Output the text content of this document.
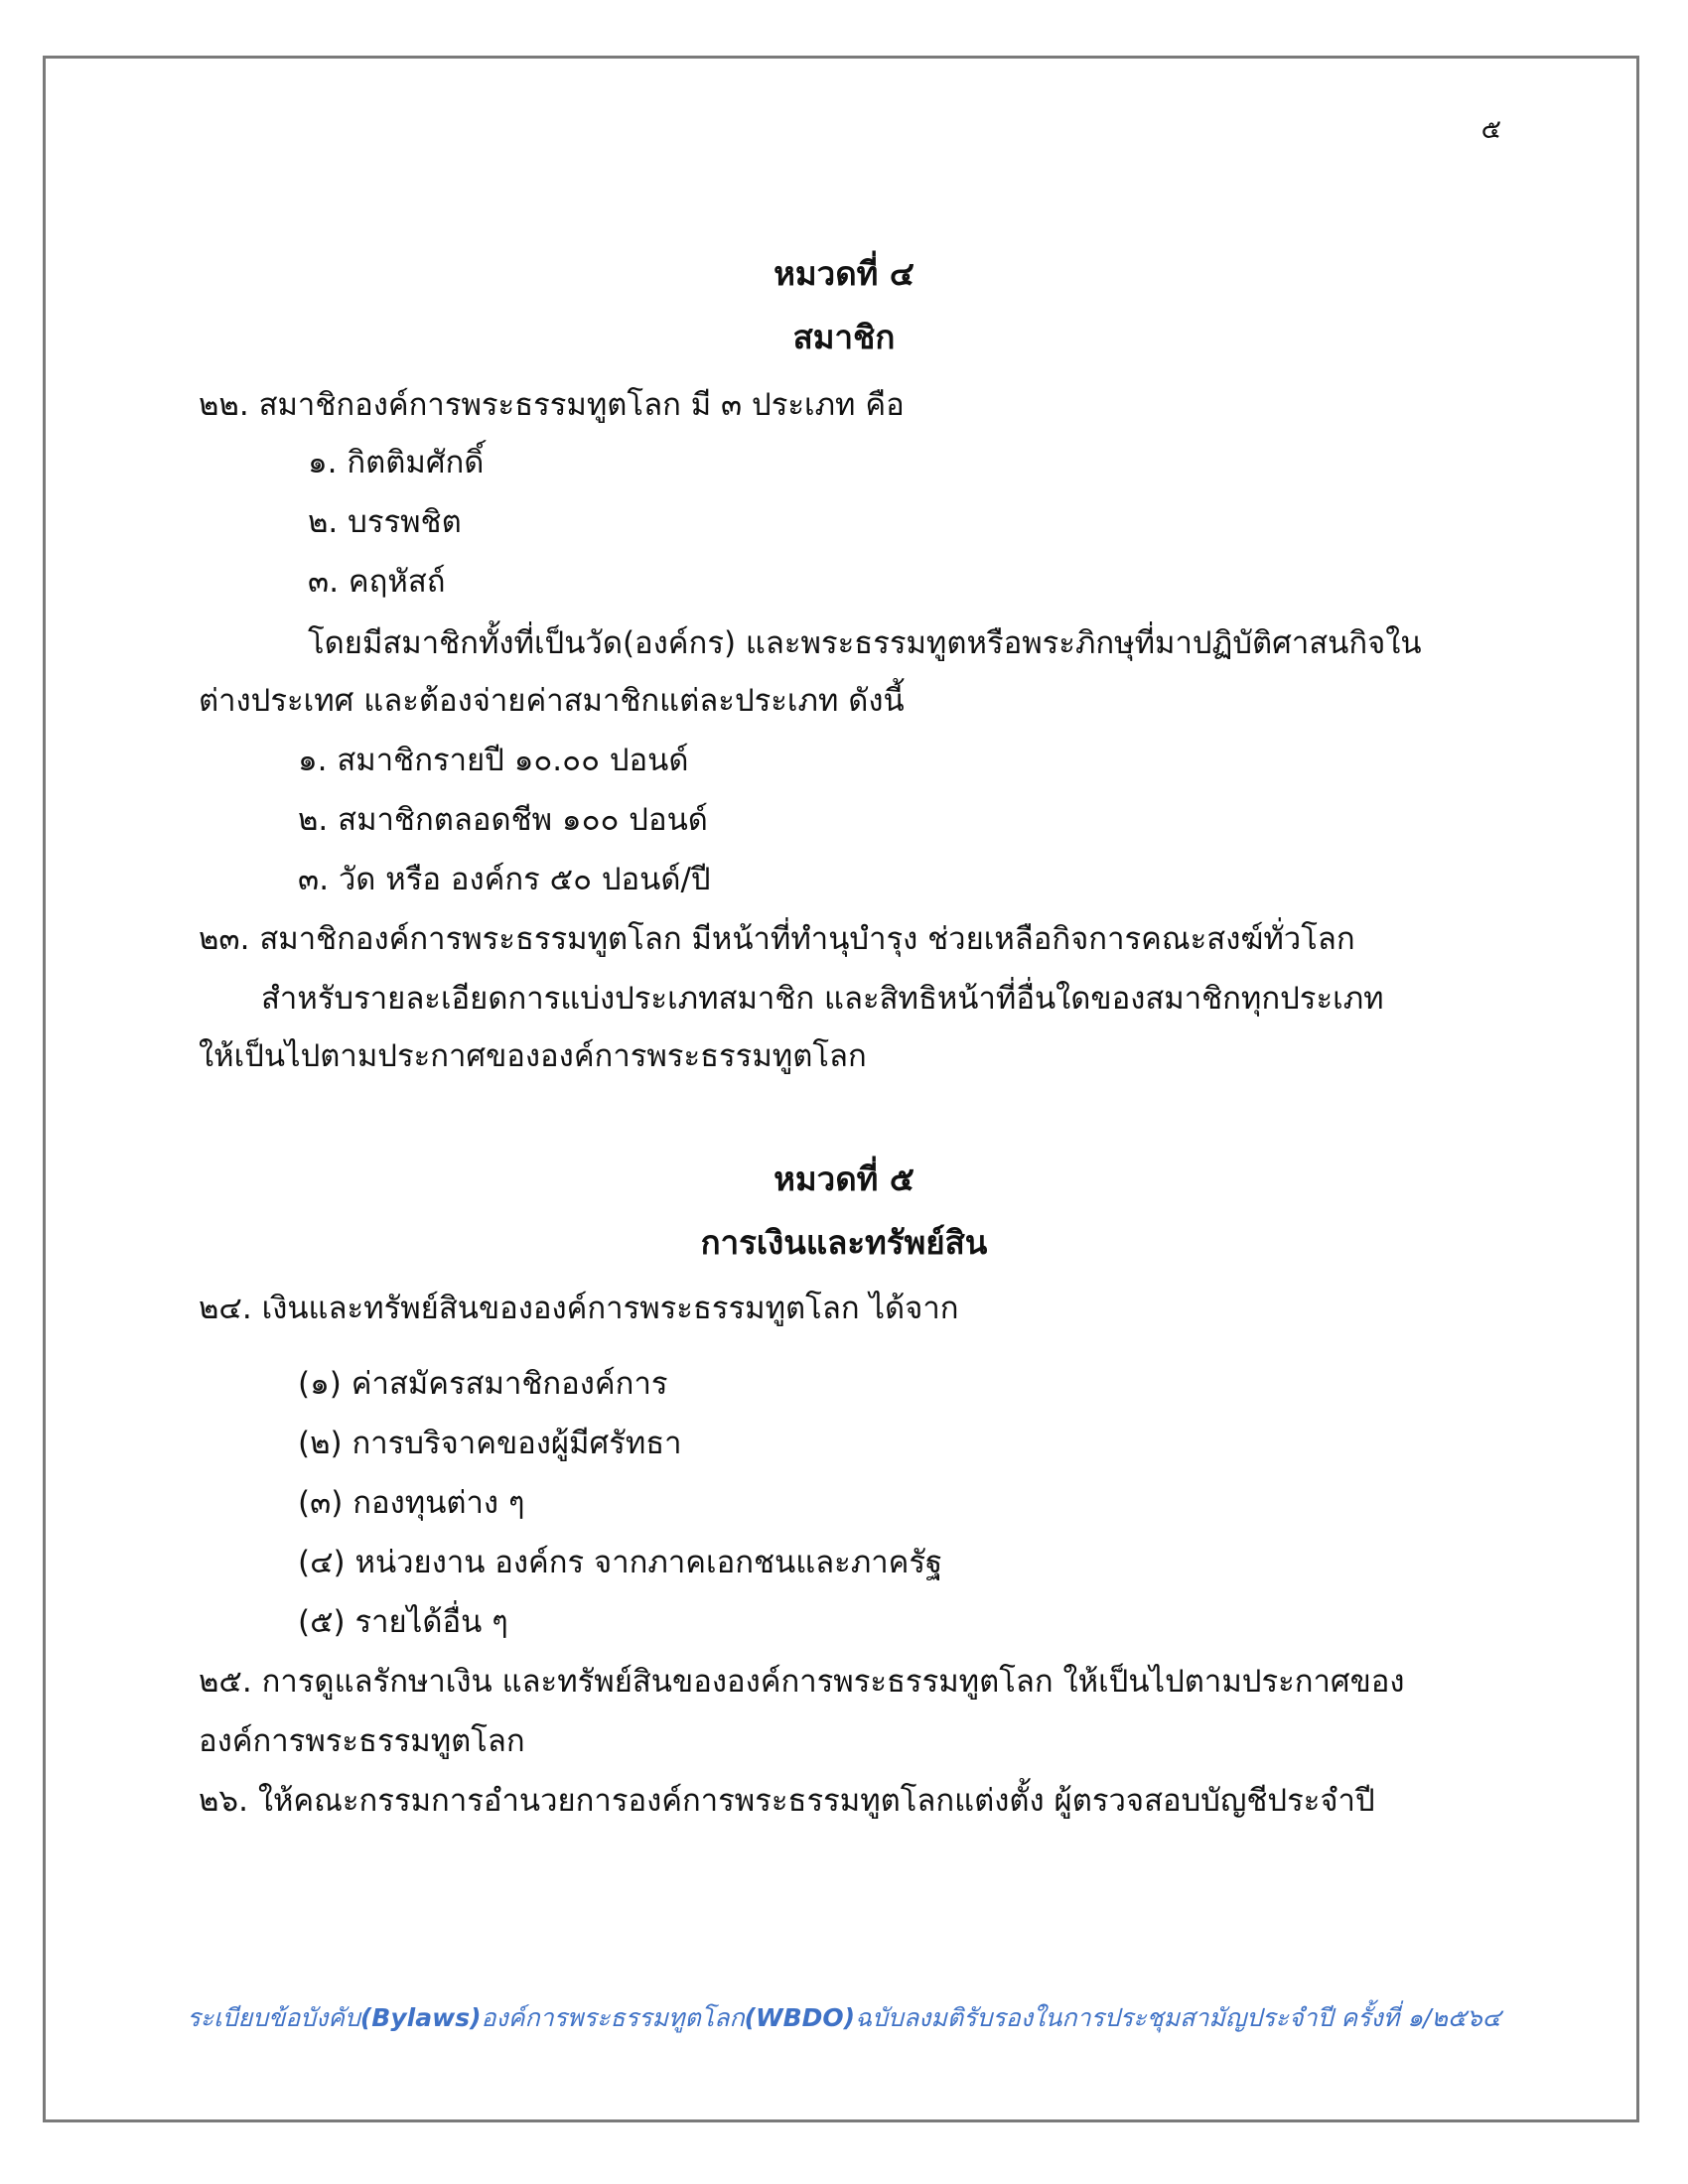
๕
หมวดที่ ๔
สมาชิก
๒๒. สมาชิกองค์การพระธรรมทูตโลก มี ๓ ประเภท คือ
๑. กิตติมศักดิ์
๒. บรรพชิต
๓. คฤหัสถ์
โดยมีสมาชิกทั้งที่เป็นวัด(องค์กร) และพระธรรมทูตหรือพระภิกษุที่มาปฏิบัติศาสนกิจใน
ต่างประเทศ และต้องจ่ายค่าสมาชิกแต่ละประเภท ดังนี้
๑. สมาชิกรายปี ๑๐.๐๐ ปอนด์
๒. สมาชิกตลอดชีพ ๑๐๐ ปอนด์
๓. วัด หรือ องค์กร ๕๐ ปอนด์/ปี
๒๓. สมาชิกองค์การพระธรรมทูตโลก มีหน้าที่ทำนุบำรุง ช่วยเหลือกิจการคณะสงฆ์ทั่วโลก
สำหรับรายละเอียดการแบ่งประเภทสมาชิก และสิทธิหน้าที่อื่นใดของสมาชิกทุกประเภท
ให้เป็นไปตามประกาศขององค์การพระธรรมทูตโลก
หมวดที่ ๕
การเงินและทรัพย์สิน
๒๔. เงินและทรัพย์สินขององค์การพระธรรมทูตโลก ได้จาก
(๑) ค่าสมัครสมาชิกองค์การ
(๒) การบริจาคของผู้มีศรัทธา
(๓) กองทุนต่าง ๆ
(๔) หน่วยงาน องค์กร จากภาคเอกชนและภาครัฐ
(๕) รายได้อื่น ๆ
๒๕. การดูแลรักษาเงิน และทรัพย์สินขององค์การพระธรรมทูตโลก ให้เป็นไปตามประกาศของ
องค์การพระธรรมทูตโลก
๒๖. ให้คณะกรรมการอำนวยการองค์การพระธรรมทูตโลกแต่งตั้ง ผู้ตรวจสอบบัญชีประจำปี
ระเบียบข้อบังคับ(Bylaws)องค์การพระธรรมทูตโลก(WBDO)ฉบับลงมติรับรองในการประชุมสามัญประจำปี ครั้งที่ ๑/๒๕๖๔
